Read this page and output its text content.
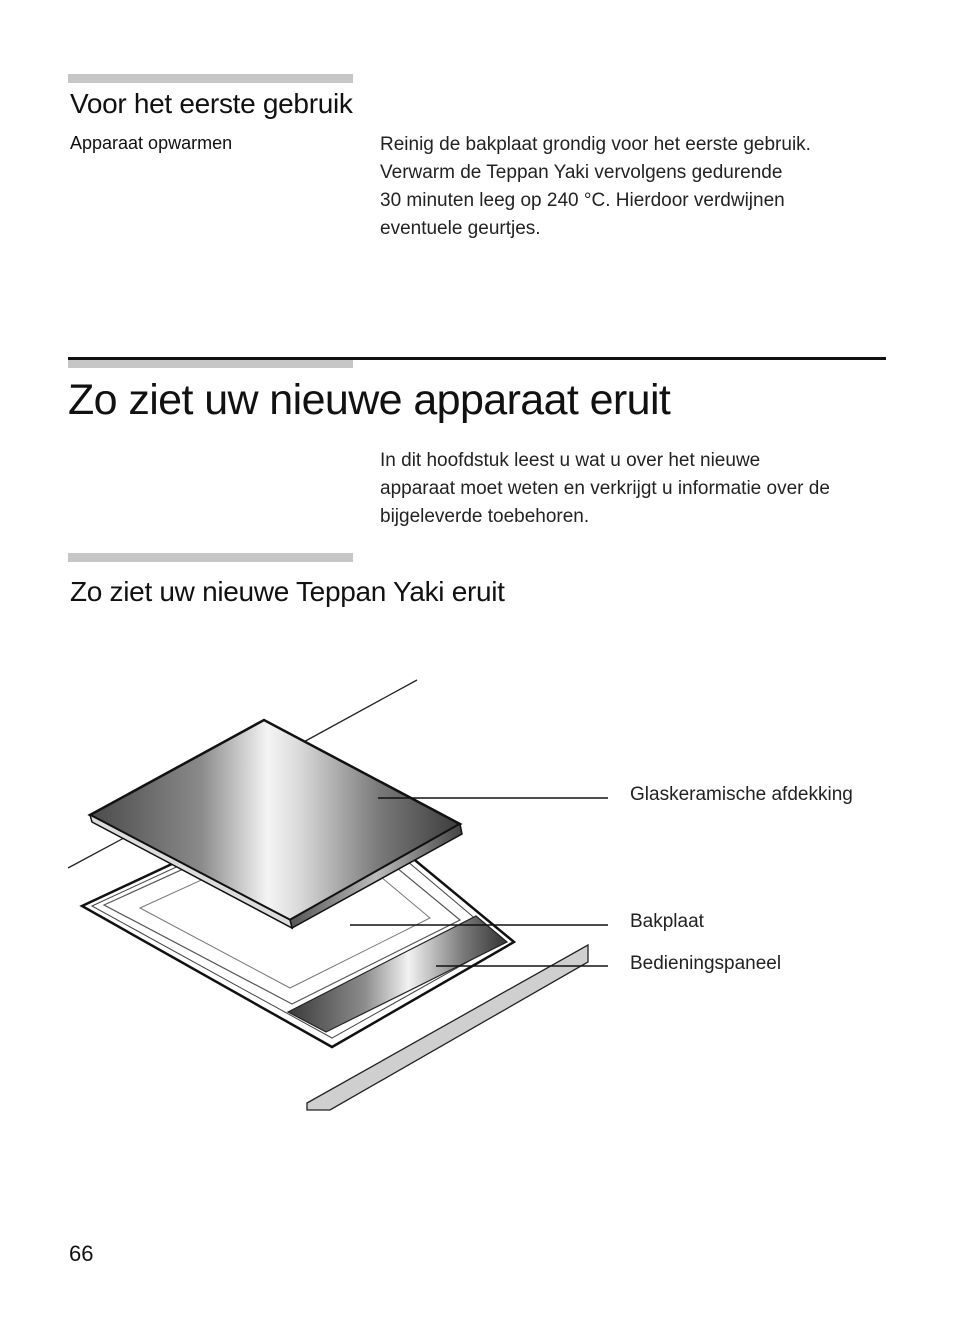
Voor het eerste gebruik
Apparaat opwarmen	Reinig de bakplaat grondig voor het eerste gebruik.

Verwarm de Teppan Yaki vervolgens gedurende

30 minuten leeg op 240 °C. Hierdoor verdwijnen

eventuele geurtjes.

Zo ziet uw nieuwe apparaat eruit

In dit hoofdstuk leest u wat u over het nieuwe

apparaat moet weten en verkrijgt u informatie over de

bijgeleverde toebehoren.

Zo ziet uw nieuwe Teppan Yaki eruit
Glaskeramische afdekking
Bakplaat
Bedieningspaneel
66
